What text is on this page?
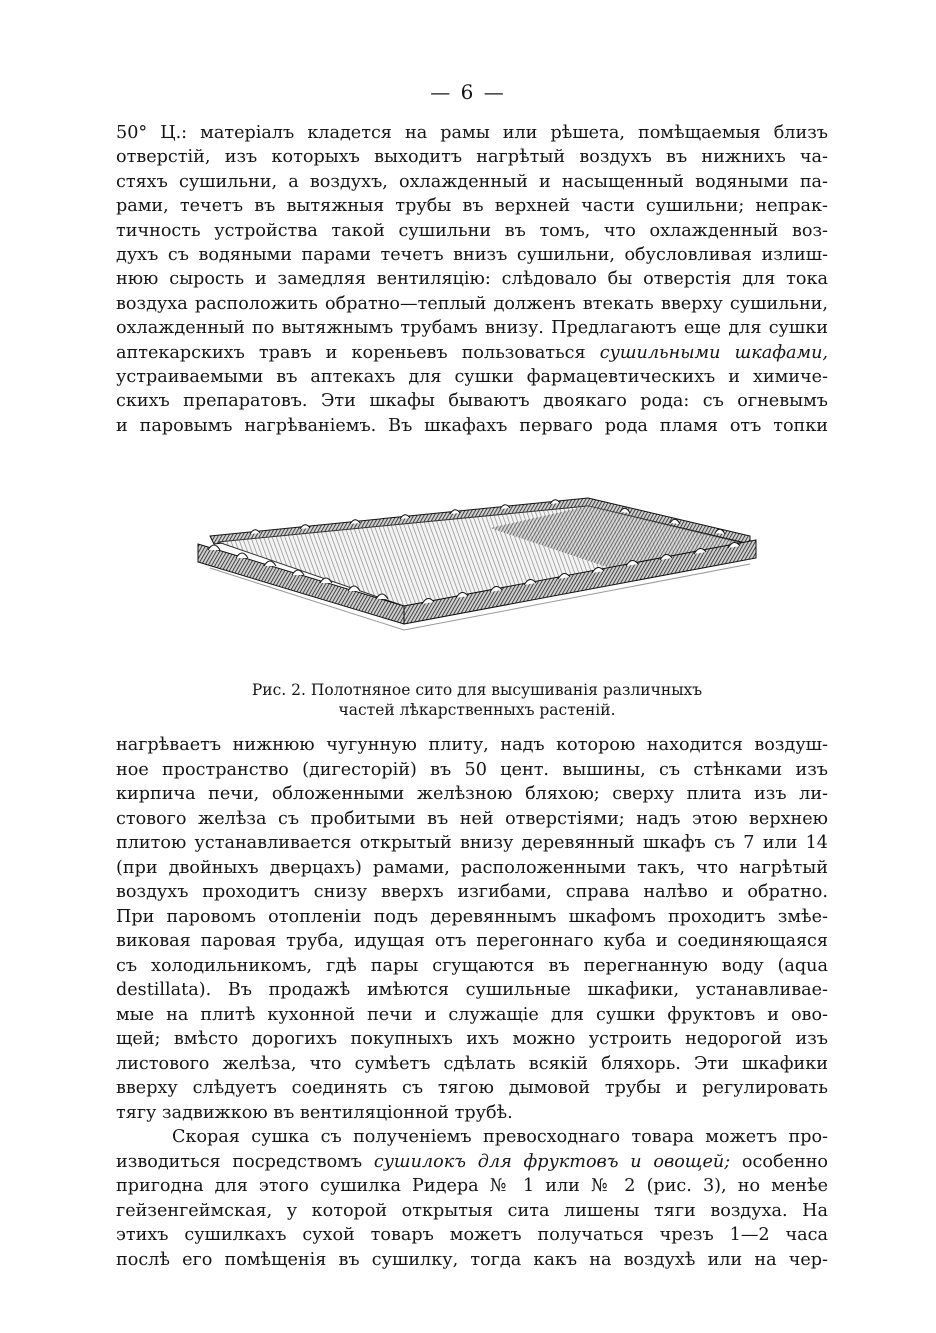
— 6 —
50° Ц.: матеріалъ кладется на рамы или рѣшета, помѣщаемыя близъ
отверстій, изъ которыхъ выходитъ нагрѣтый воздухъ въ нижнихъ ча-
стяхъ сушильни, а воздухъ, охлажденный и насыщенный водяными па-
рами, течетъ въ вытяжныя трубы въ верхней части сушильни; непрак-
тичность устройства такой сушильни въ томъ, что охлажденный воз-
духъ съ водяными парами течетъ внизъ сушильни, обусловливая излиш-
нюю сырость и замедляя вентиляцію: слѣдовало бы отверстія для тока
воздуха расположить обратно—теплый долженъ втекать вверху сушильни,
охлажденный по вытяжнымъ трубамъ внизу. Предлагаютъ еще для сушки
аптекарскихъ травъ и кореньевъ пользоваться сушильными шкафами,
устраиваемыми въ аптекахъ для сушки фармацевтическихъ и химиче-
скихъ препаратовъ. Эти шкафы бываютъ двоякаго рода: съ огневымъ
и паровымъ нагрѣваніемъ. Въ шкафахъ перваго рода пламя отъ топки
Рис. 2. Полотняное сито для высушиванія различныхъ
частей лѣкарственныхъ растеній.
нагрѣваетъ нижнюю чугунную плиту, надъ которою находится воздуш-
ное пространство (дигесторій) въ 50 цент. вышины, съ стѣнками изъ
кирпича печи, обложенными желѣзною бляхою; сверху плита изъ ли-
стового желѣза съ пробитыми въ ней отверстіями; надъ этою верхнею
плитою устанавливается открытый внизу деревянный шкафъ съ 7 или 14
(при двойныхъ дверцахъ) рамами, расположенными такъ, что нагрѣтый
воздухъ проходитъ снизу вверхъ изгибами, справа налѣво и обратно.
При паровомъ отопленіи подъ деревяннымъ шкафомъ проходитъ змѣе-
виковая паровая труба, идущая отъ перегоннаго куба и соединяющаяся
съ холодильникомъ, гдѣ пары сгущаются въ перегнанную воду (aqua
destillata). Въ продажѣ имѣются сушильные шкафики, устанавливае-
мые на плитѣ кухонной печи и служащіе для сушки фруктовъ и ово-
щей; вмѣсто дорогихъ покупныхъ ихъ можно устроить недорогой изъ
листового желѣза, что сумѣетъ сдѣлать всякій бляхорь. Эти шкафики
вверху слѣдуетъ соединять съ тягою дымовой трубы и регулировать
тягу задвижкою въ вентиляціонной трубѣ.
Скорая сушка съ полученіемъ превосходнаго товара можетъ про-
изводиться посредствомъ сушилокъ для фруктовъ и овощей; особенно
пригодна для этого сушилка Ридера № 1 или № 2 (рис. 3), но менѣе
гейзенгеймская, у которой открытыя сита лишены тяги воздуха. На
этихъ сушилкахъ сухой товаръ можетъ получаться чрезъ 1—2 часа
послѣ его помѣщенія въ сушилку, тогда какъ на воздухѣ или на чер-
